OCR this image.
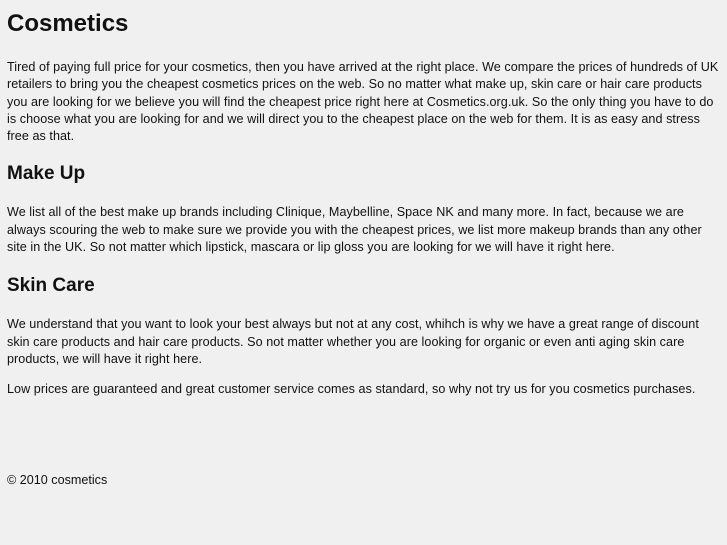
Cosmetics

Tired of paying full price for your cosmetics, then you have arrived at the right place. We compare the prices of hundreds of UK retailers to bring you the cheapest cosmetics prices on the web. So no matter what make up, skin care or hair care products you are looking for we believe you will find the cheapest price right here at Cosmetics.org.uk. So the only thing you have to do is choose what you are looking for and we will direct you to the cheapest place on the web for them. It is as easy and stress free as that.

Make Up

We list all of the best make up brands including Clinique, Maybelline, Space NK and many more. In fact, because we are always scouring the web to make sure we provide you with the cheapest prices, we list more makeup brands than any other site in the UK. So not matter which lipstick, mascara or lip gloss you are looking for we will have it right here.

Skin Care

We understand that you want to look your best always but not at any cost, whihch is why we have a great range of discount skin care products and hair care products. So not matter whether you are looking for organic or even anti aging skin care products, we will have it right here.

Low prices are guaranteed and great customer service comes as standard, so why not try us for you cosmetics purchases.

© 2010 cosmetics
